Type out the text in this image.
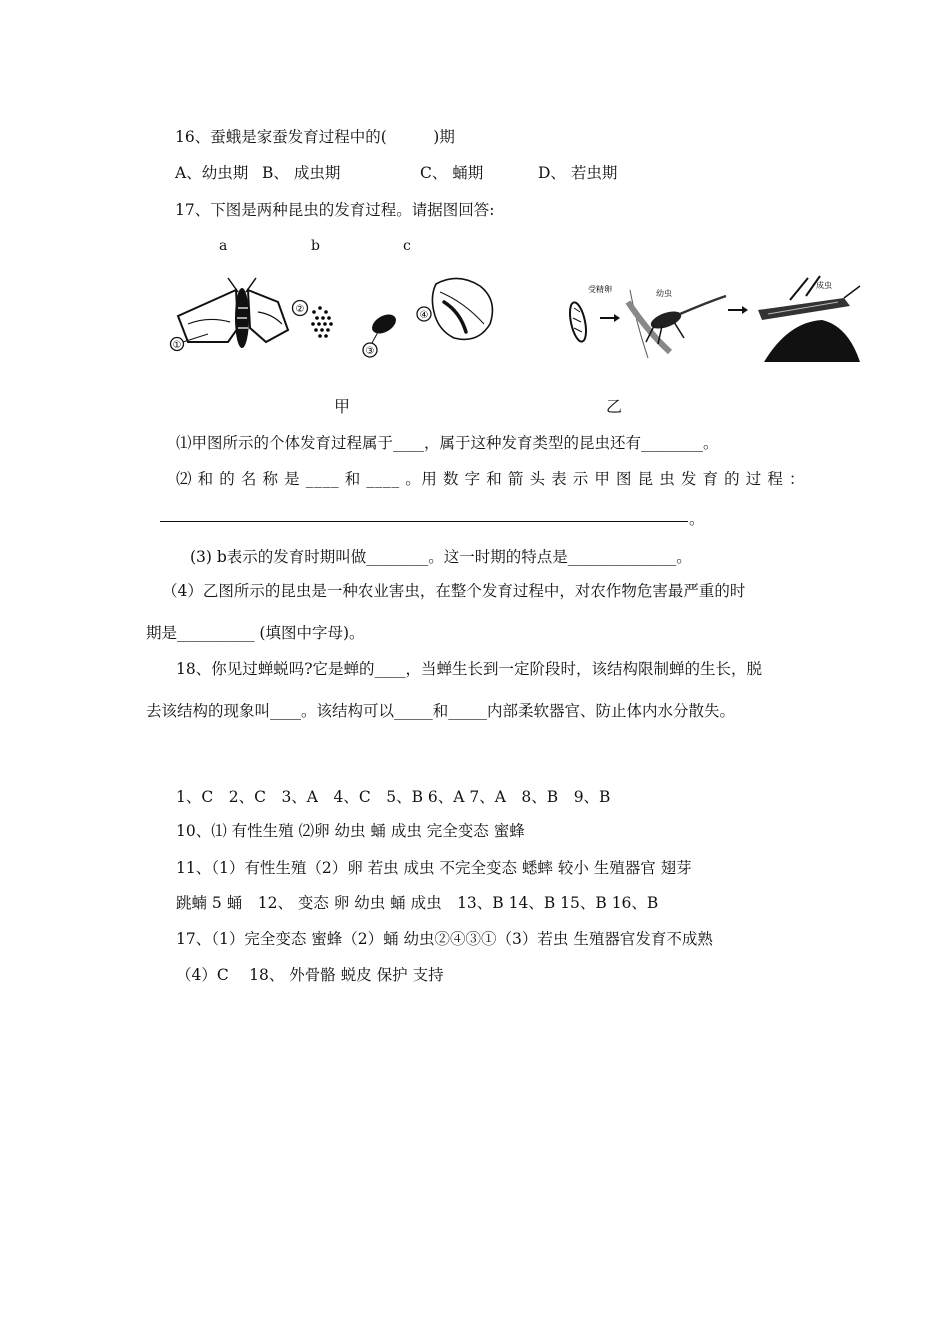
16、蚕蛾是家蚕发育过程中的(　　　)期
A、幼虫期 B、 成虫期	C、 蛹期	D、 若虫期
17、下图是两种昆虫的发育过程。请据图回答:
a	b	c
①
②
③
④
受精卵	幼虫
成虫
甲	乙
⑴甲图所示的个体发育过程属于____，属于这种发育类型的昆虫还有________。
⑵ 和 的 名 称 是 ____ 和 ____ 。用 数 字 和 箭 头 表 示 甲 图 昆 虫 发 育 的 过 程 ：
。
(3) b表示的发育时期叫做________。这一时期的特点是______________。
（4）乙图所示的昆虫是一种农业害虫，在整个发育过程中，对农作物危害最严重的时
期是__________ (填图中字母)。
18、你见过蝉蜕吗?它是蝉的____，当蝉生长到一定阶段时，该结构限制蝉的生长，脱
去该结构的现象叫____。该结构可以_____和_____内部柔软器官、防止体内水分散失。
1、C　2、C　3、A　4、C　5、B 6、A 7、A　8、B　9、B
10、⑴ 有性生殖 ⑵卵 幼虫 蛹 成虫 完全变态 蜜蜂
11、（1）有性生殖（2）卵 若虫 成虫 不完全变态 蟋蟀 较小 生殖器官 翅芽
跳蝻 5 蛹　12、 变态 卵 幼虫 蛹 成虫　13、B 14、B 15、B 16、B
17、（1）完全变态 蜜蜂（2）蛹 幼虫②④③①（3）若虫 生殖器官发育不成熟
（4）C　 18、 外骨骼 蜕皮 保护 支持
